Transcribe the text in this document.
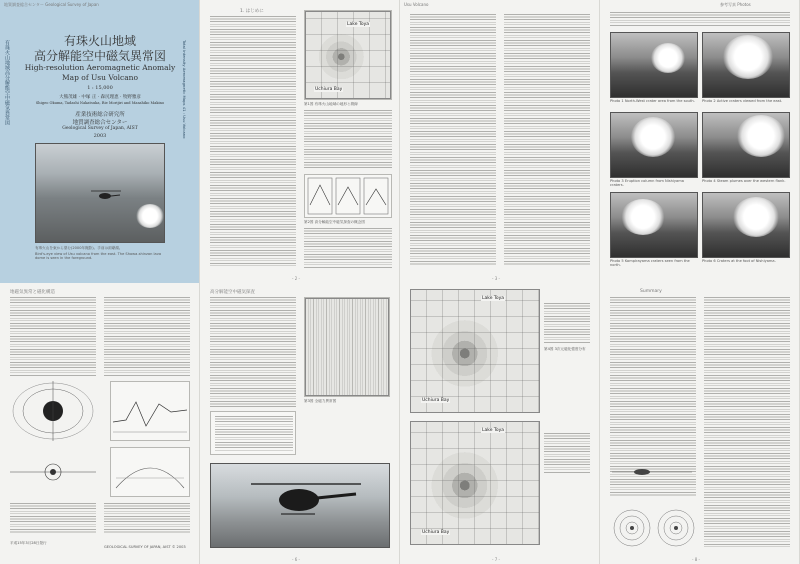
地質調査総合センター Geological Survey of Japan
有珠火山地域高分解能空中磁気異常図	Total Intensity Aeromagnetic Maps 41 : Usu Volcano
有珠火山地域
高分解能空中磁気異常図
High-resolution Aeromagnetic Anomaly
Map of Usu Volcano
1 : 15,000
大熊茂雄 · 中塚 正 · 森尻理恵 · 牧野雅彦
Shigeo Okuma, Tadashi Nakatsuka, Rie Morijiri and Masahiko Makino
産業技術総合研究所
地質調査総合センター
Geological Survey of Japan, AIST
2003
有珠火山を東から望む(2000年撮影)。手前は洞爺湖。
Bird's-eye view of Usu volcano from the east. The Showa-shinzan lava dome is seen in the foreground.
1. はじめに
Lake Toya
Uchiura Bay
第1図 有珠火山地域の地形と測線
第2図 高分解能空中磁気探査の概念図
- 2 -
Usu Volcano
- 3 -
参考写真 Photos
Photo 1 North-West crater area from the south.	Photo 2 Active craters viewed from the east.
Photo 3 Eruption column from Nishiyama craters.
Photo 4 Steam plumes over the western flank.
Photo 5 Kompirayama craters seen from the north.
Photo 6 Craters at the foot of Nishiyama.
地磁気異常と磁化構造
平成15年3月28日発行
GEOLOGICAL SURVEY OF JAPAN, AIST © 2003
高分解能空中磁気探査
第3図 全磁力異常図
- 6 -
Lake Toya
Uchiura Bay
第4図 3次元磁化強度分布
Lake Toya
Uchiura Bay
- 7 -
Summary
- 8 -
